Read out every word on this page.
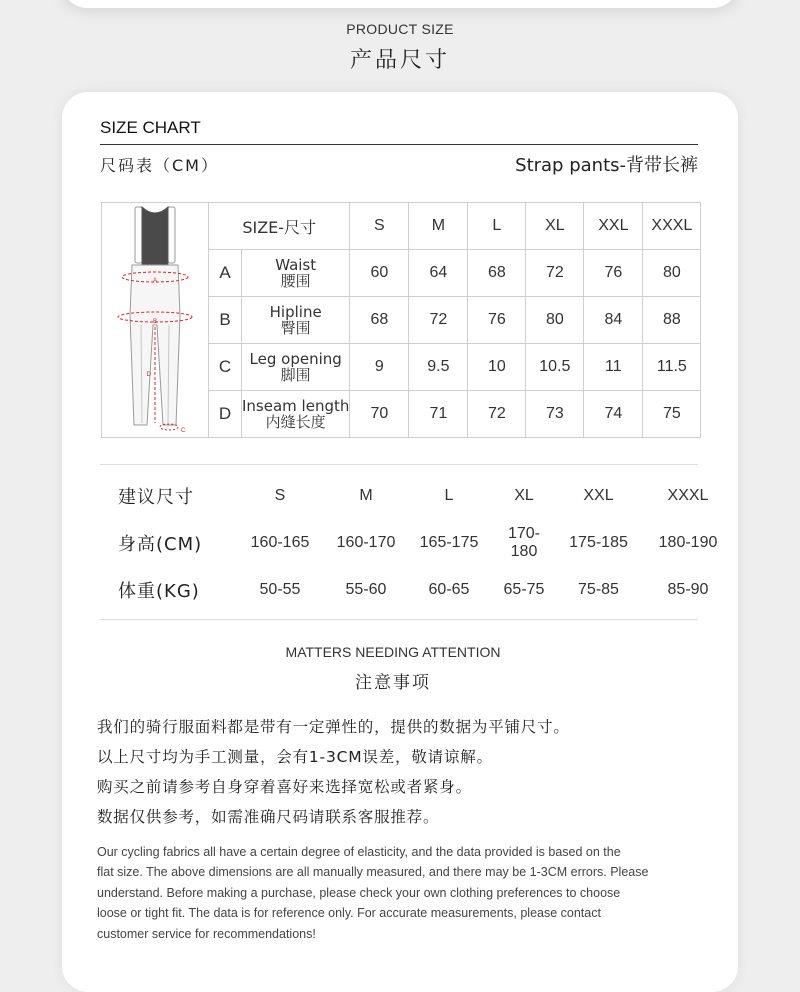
PRODUCT SIZE
产品尺寸
SIZE CHART
尺码表（CM）	Strap pants-背带长裤
A
B
D
C	SIZE-尺寸		S	M	L	XL	XXL	XXXL
	A	Waist
腰围	60	64	68	72	76	80
	B	Hipline
臀围	68	72	76	80	84	88
	C	Leg opening
脚围	9	9.5	10	10.5	11	11.5
	D	Inseam length
内缝长度	70	71	72	73	74	75
建议尺寸	S	M	L	XL	XXL	XXXL
身高(CM)	160-165	160-170	165-175	170-180	175-185	180-190
体重(KG)	50-55	55-60	60-65	65-75	75-85	85-90
MATTERS NEEDING ATTENTION
注意事项
我们的骑行服面料都是带有一定弹性的，提供的数据为平铺尺寸。
以上尺寸均为手工测量，会有1-3CM误差，敬请谅解。
购买之前请参考自身穿着喜好来选择宽松或者紧身。
数据仅供参考，如需准确尺码请联系客服推荐。
Our cycling fabrics all have a certain degree of elasticity, and the data provided is based on the
flat size. The above dimensions are all manually measured, and there may be 1-3CM errors. Please
understand. Before making a purchase, please check your own clothing preferences to choose
loose or tight fit. The data is for reference only. For accurate measurements, please contact
customer service for recommendations!
